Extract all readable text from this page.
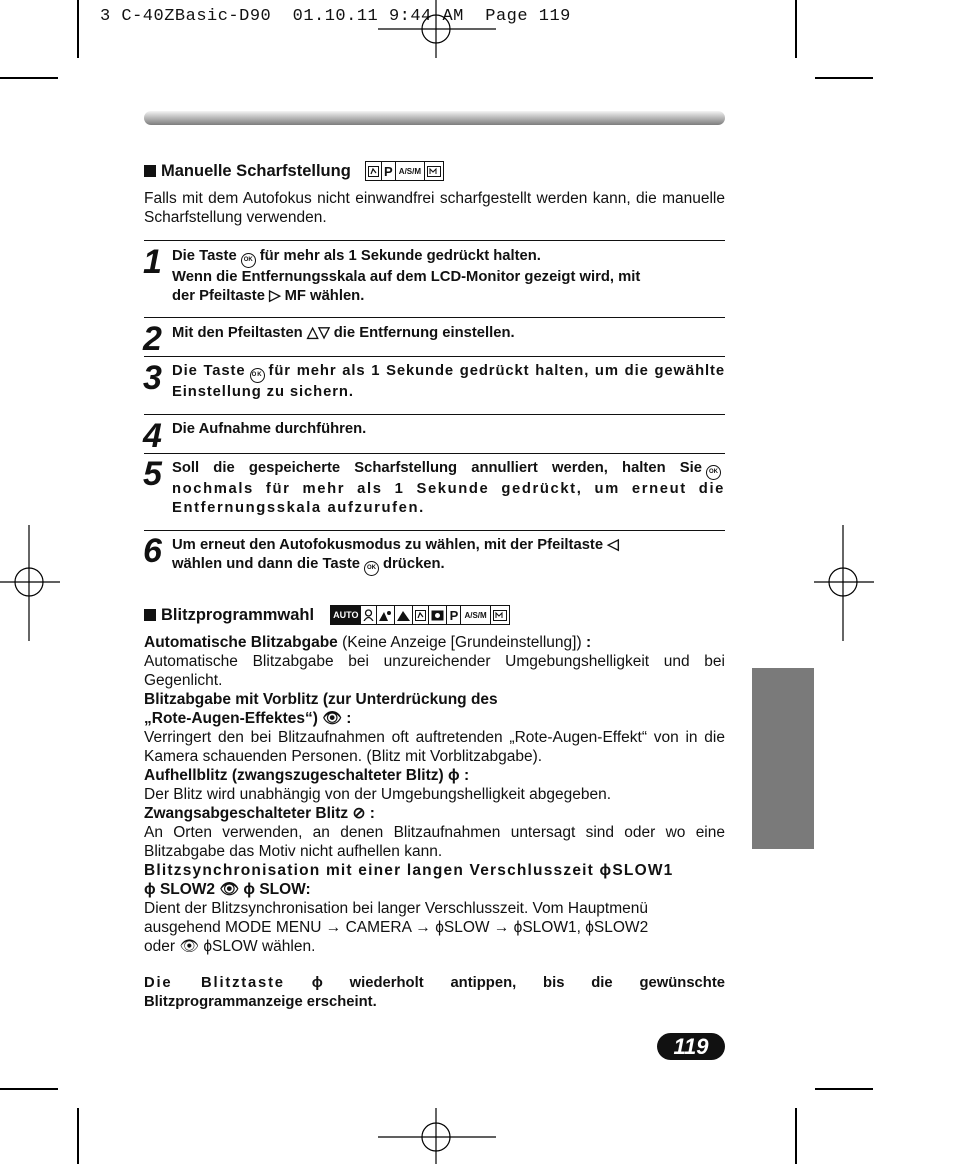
3 C-40ZBasic-D90  01.10.11 9:44 AM  Page 119
Manuelle Scharfstellung	P A/S/M
Falls mit dem Autofokus nicht einwandfrei scharfgestellt werden kann, die manuelle Scharfstellung verwenden.
1 Die Taste OK für mehr als 1 Sekunde gedrückt halten.
Wenn die Entfernungsskala auf dem LCD-Monitor gezeigt wird, mit
der Pfeiltaste ▷ MF wählen.
2 Mit den Pfeiltasten △▽ die Entfernung einstellen.
3 Die Taste OK für mehr als 1 Sekunde gedrückt halten, um die gewählte Einstellung zu sichern.
4 Die Aufnahme durchführen.
5 Soll die gespeicherte Scharfstellung annulliert werden, halten Sie OK nochmals für mehr als 1 Sekunde gedrückt, um erneut die Entfernungsskala aufzurufen.
6 Um erneut den Autofokusmodus zu wählen, mit der Pfeiltaste ◁
wählen und dann die Taste OK drücken.
Blitzprogrammwahl AUTO	P A/S/M
Automatische Blitzabgabe (Keine Anzeige [Grundeinstellung]) :
Automatische Blitzabgabe bei unzureichender Umgebungshelligkeit und bei Gegenlicht.
Blitzabgabe mit Vorblitz (zur Unterdrückung des
„Rote-Augen-Effektes“) 👁 :
Verringert den bei Blitzaufnahmen oft auftretenden „Rote-Augen-Effekt“ von in die Kamera schauenden Personen. (Blitz mit Vorblitzabgabe).
Aufhellblitz (zwangszugeschalteter Blitz) ϕ :
Der Blitz wird unabhängig von der Umgebungshelligkeit abgegeben.
Zwangsabgeschalteter Blitz ⊘ :
An Orten verwenden, an denen Blitzaufnahmen untersagt sind oder wo eine Blitzabgabe das Motiv nicht aufhellen kann.
Blitzsynchronisation mit einer langen Verschlusszeit ϕSLOW1
ϕ SLOW2 👁 ϕ SLOW:
Dient der Blitzsynchronisation bei langer Verschlusszeit. Vom Hauptmenü
ausgehend MODE MENU → CAMERA → ϕSLOW → ϕSLOW1, ϕSLOW2
oder 👁 ϕSLOW wählen.
Die Blitztaste ϕ wiederholt antippen, bis die gewünschte Blitzprogrammanzeige erscheint.
119
